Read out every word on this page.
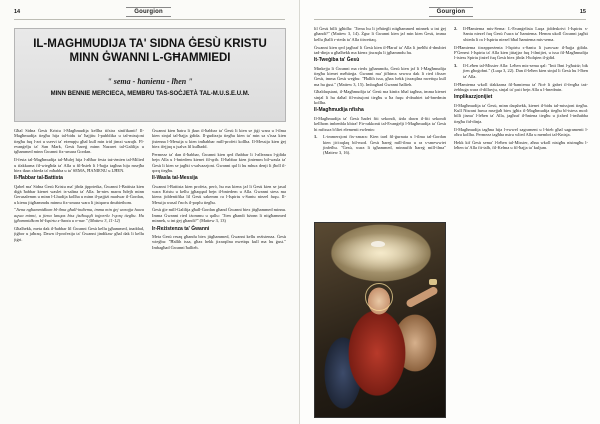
14	Gourgion
IL-MAGHMUDIJA TA' SIDNA ĠESÙ KRISTU
MINN ĠWANNI L-GĦAMMIEDI
" sema - ħanienu - lħen "
MINN BENNIE MERCIECA, MEMBRU TAS-SOĊJETÀ TAL-M.U.S.E.U.M.

Għal Sidna Ġesù Kristu l-Magħmudija kellha tifsira sinifikanti! Il-Magħmudija tiegħu hija tal-bidu ta' ħajjitu l-pubblika u tal-missjoni tiegħu fuq l-art u sservi ta' eżempju għal kull min irid jimxi warajh. Fl-evanġelju ta' San Mark, Ġesù ħareġ minn Nazaret tal-Galilija u tgħammed minn Ġwanni fix-xmara Ġordan.

Il-festa tal-Magħmudija tal-Mulej hija l-aħħar festa taż-żmien tal-Milied u tfakkarna fil-wiegħda ta' Alla u fil-ħsieb li l-ħajja tagħna hija msejħa biex tkun xhieda ta' mħabba u ta' SEMA, ĦANIENU u LĦEN.

Il-Ħabbar tal-Battista

Qabel ma' Sidna Ġesù Kristu ma' jibda jipprietka, Ġwanni l-Battista kien diġà ħabbar kienet waslet is-saltna ta' Alla. In-nies marru ħdejh minn Ġerusalemm u minn l-Lhudija kollha u minn il-pajjiżi madwar il-Ġordan, u kienu jitgħammdu minnu fix-xmara wara li jistqarru dnubiethom.

"Jiena ngħammidkom bl-ilma għall-indiema, imma min ġej warajja huwa aqwa minni, u jiena lanqas biss jistħoqqli inġorrlu l-qorq tiegħu. Hu jgħammidkom bl-Ispirtu s-Santu u n-nar." (Mattew 3, 11-12)

Għalhekk, meta dak il-ħabbar lil Ġwanni Ġesù kellu jgħammed, inaddad, jiġbor u jaħraq. Dawn il-profezija ta' Ġwanni jindikaw għal dak li kellu jiġri.

Ġwanni kien ħatru li jkun il-ħabbar ta' Ġesù li kien se jiġi wara u l-ilma kien sinjal tal-ħajja ġdida. Il-gudizzju tiegħu kien ta' min sa s'issa kien jistenna l-Messija u kien imħabbar mill-profeti kollha. Il-Messija kien ġej biex ifejjaq u jsalva lil kulħadd.

Permezz ta' dan il-ħabbar, Ġwanni kien qed iħabbar li l-alleanza l-ġdida bejn Alla u l-bniedem kienet fil-qrib. Il-ħabbar kien jintemm bil-wasla ta' Ġesù li kien se jagħti s-salvazzjoni. Ġwanni qal li hu mhux denji li jħoll il-qorq tiegħu.

Il-Wasla tal-Messija

Ġwanni l-Battista kien profeta, però, hu ma kienx jaf li Ġesù kien se jasal wara Kristu u kellu jgħaqqad bejn il-bniedem u Alla. Ġwanni stess ma kienx jiddentifika lil Ġesù sakemm ra l-Ispirtu s-Santu niezel fuqu. Il-Messija wasal f'nofs il-poplu tiegħu.

Ġesù ġie mill-Galilija għall-Ġordan għand Ġwanni biex jitgħammed minnu. Imma Ġwanni ried iżommu u qallu: "Jien għandi bżonn li nitgħammed minnek, u int ġej għandi?" (Mattew 3, 13)

Ir-Reżistenza ta' Ġwanni

Meta Ġesù resaq għandu biex jitgħammed, Ġwanni kellu reżistenza. Ġesù wieġbu: "Ħallih issa, għax hekk jixraqilna nwettqu kull ma hu ġust." Imbagħad Ġwanni ħallieh.

Gourgion	15

lil Ġesù billi jgħidlu: "Jiena hu li jeħtieġli nitgħammed minnek u int ġej għandi?" (Mattew 3, 14). Żgur li Ġwanni kien jaf min kien Ġesù, imma kellu jħalli r-rieda ta' Alla titwettaq.

Ġwanni kien qed jagħraf li Ġesù kien il-Ħaruf ta' Alla li jneħħi d-dnubiet tad-dinja u għalhekk ma kienx jixraqlu li jgħammdu hu.

It-Tweġiba ta' Ġesù

Minkejja li Ġwanni ma riedx jgħammdu, Ġesù kien jaf li l-Magħmudija tiegħu kienet meħtieġa. Ġwanni ma' jifhimx sewwa dak li ried ifisser Ġesù, imma Ġesù weġbu: "Ħallih issa, għax hekk jixraqilna nwettqu kull ma hu ġust." (Mattew 3, 15). Imbagħad Ġwanni ħallieh.

Għaldaqstant, il-Magħmudija ta' Ġesù ma kinitx bħal tagħna, imma kienet sinjal li hu daħal fil-missjoni tiegħu u ħa fuqu d-dnubiet tal-bnedmin kollha.

Il-Magħmudija nfisha

Il-Magħmudija ta' Ġesù ħadet fiti sekondi, iżda dawn il-fiti sekondi kellhom imbenbla kbira! Fir-rakkonti tal-Evanġelji l-Magħmudija ta' Ġesù hi mfissra b'tliet elementi ewlenin:

1.	L-immersjoni fix-xmara: Kien tard fil-ġurnata u l-ilma tal-Ġordan kien jiċċaqlaq bil-mod. Ġesù ħareġ mill-ilma u ra s-smewwiet jinfetħu. "Ġesù, wara li tgħammed, minnufih ħareġ mill-ilma" (Mattew 3, 16).
2.	Il-Ħamiema mis-Sema: L-Evanġelista Luqa jiddeskrivi l-Ispirtu s-Santu niezel fuq Ġesù f'sura ta' ħamiema. Hemm ukoll Ġwanni jagħti xhieda li ra l-Ispirtu niezel bħal ħamiema mis-sema.

Il-Ħamiema tirrappreżenta l-Ispirtu s-Santu li jsawwar il-ħajja ġdida. F'Ġenesi l-Ispirtu ta' Alla kien jittajjar fuq l-ilmijiet, u issa fil-Magħmudija l-istess Spirtu jinżel fuq Ġesù biex jibda l-ħolqien il-ġdid.

3.	Il-Leħen tal-Missier Alla: Leħen mis-sema qal: "Inti Ibni l-għażiż; bik jien għoġobni." (Luqa 3, 22). Dan il-leħen kien sinjal li Ġesù hu l-Iben ta' Alla.

Il-Ħamiema wkoll tfakkarna fil-ħamiema ta' Noè li ġabet il-fergħa taż-żebbuġa wara d-dilluvju, sinjal ta' paċi bejn Alla u l-bnedmin.

Implikazzjonijiet

Il-Magħmudija ta' Ġesù, minn daqshekk, kienet il-bidu tal-missjoni tiegħu. Kull Nisrani huwa msejjaħ biex jgħix il-Magħmudija tiegħu bl-istess mod: billi jisma' l-leħen ta' Alla, jagħraf il-ħniena tiegħu u jixhed l-imħabba tiegħu fid-dinja.

Il-Magħmudija tagħna hija l-ewwel sagrament u l-bieb għal sagramenti l-oħra kollha. Permezz tagħha nsiru wlied Alla u membri tal-Knisja.

Hekk kif Ġesù sema' l-leħen tal-Missier, aħna wkoll nistgħu nisimgħu l-leħen ta' Alla fit-talb, fil-Kelma u fil-ħajja ta' kuljum.
